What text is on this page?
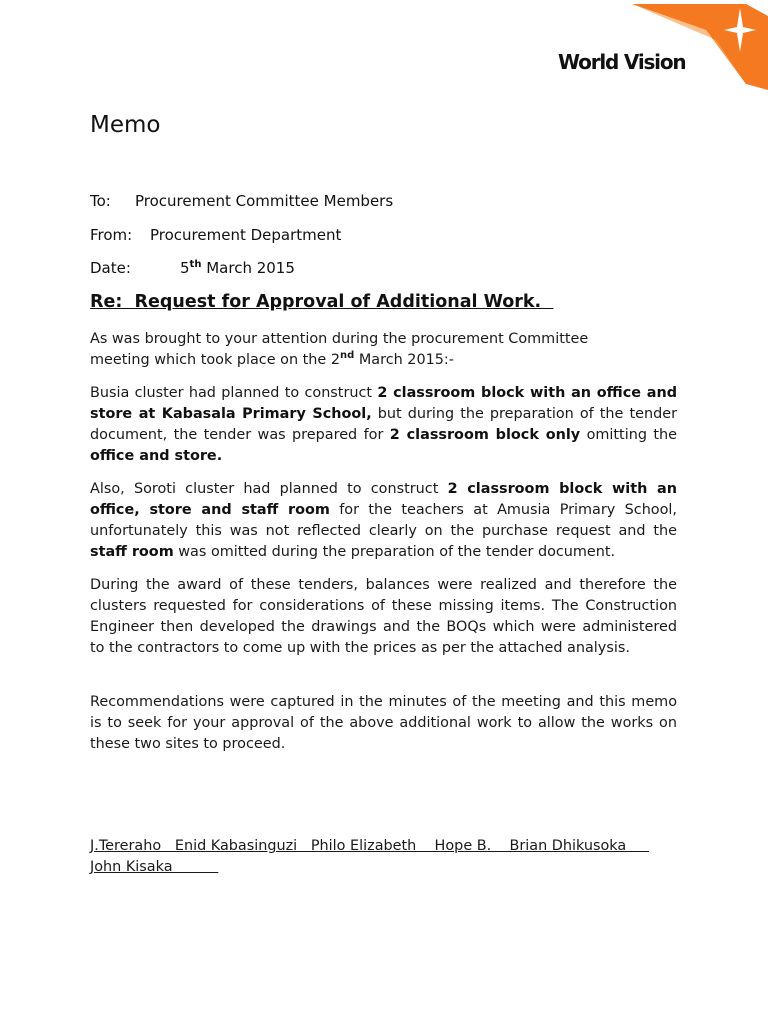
World Vision
Memo
To: Procurement Committee Members
From: Procurement Department
Date:	5th March 2015
Re:  Request for Approval of Additional Work.

As was brought to your attention during the procurement Committee
meeting which took place on the 2nd March 2015:-

Busia cluster had planned to construct 2 classroom block with an office and store at Kabasala Primary School, but during the preparation of the tender document, the tender was prepared for 2 classroom block only omitting the office and store.

Also, Soroti cluster had planned to construct 2 classroom block with an office, store and staff room for the teachers at Amusia Primary School, unfortunately this was not reflected clearly on the purchase request and the staff room was omitted during the preparation of the tender document.

During the award of these tenders, balances were realized and therefore the clusters requested for considerations of these missing items. The Construction Engineer then developed the drawings and the BOQs which were administered to the contractors to come up with the prices as per the attached analysis.

Recommendations were captured in the minutes of the meeting and this memo is to seek for your approval of the above additional work to allow the works on these two sites to proceed.

J.Tereraho   Enid Kabasinguzi   Philo Elizabeth    Hope B.    Brian Dhikusoka
John Kisaka
